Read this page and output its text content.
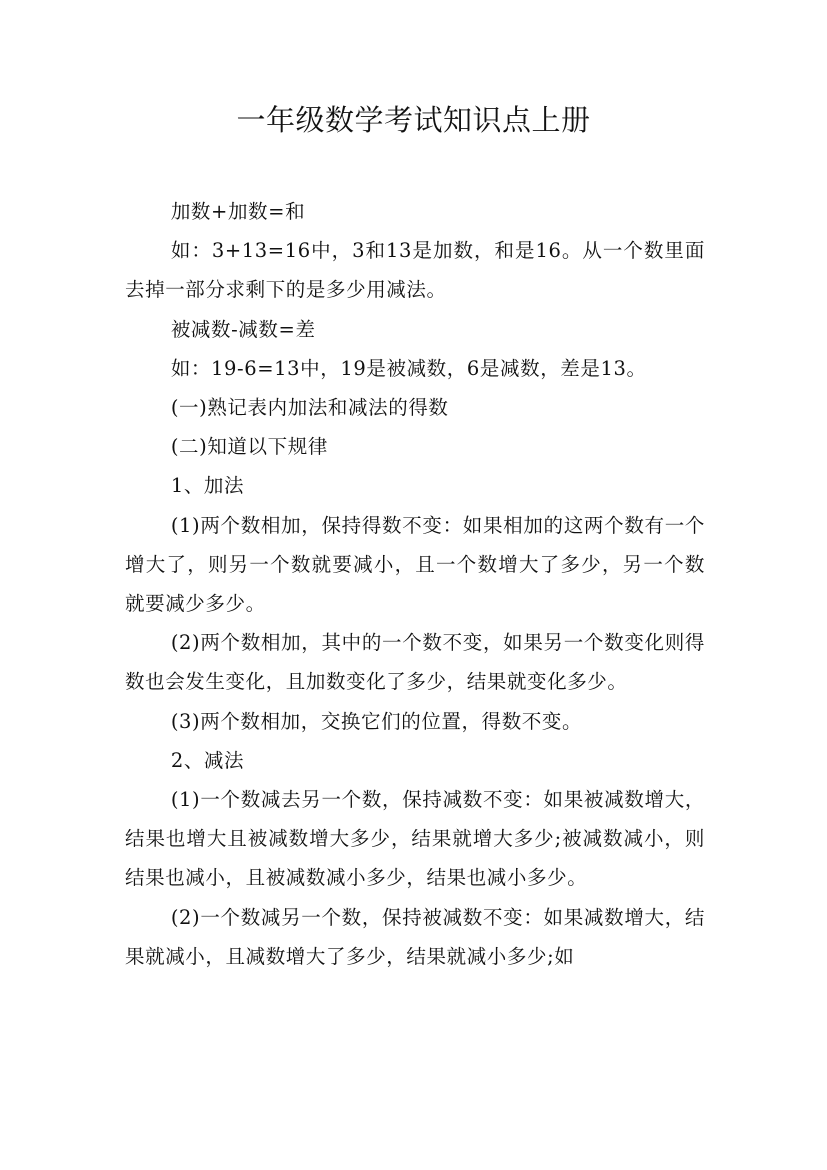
一年级数学考试知识点上册

加数+加数=和

如：3+13=16中，3和13是加数，和是16。从一个数里面去掉一部分求剩下的是多少用减法。

被减数-减数=差

如：19-6=13中，19是被减数，6是减数，差是13。

(一)熟记表内加法和减法的得数

(二)知道以下规律

1、加法

(1)两个数相加，保持得数不变：如果相加的这两个数有一个增大了，则另一个数就要减小，且一个数增大了多少，另一个数就要减少多少。

(2)两个数相加，其中的一个数不变，如果另一个数变化则得数也会发生变化，且加数变化了多少，结果就变化多少。

(3)两个数相加，交换它们的位置，得数不变。

2、减法

(1)一个数减去另一个数，保持减数不变：如果被减数增大，结果也增大且被减数增大多少，结果就增大多少;被减数减小，则结果也减小，且被减数减小多少，结果也减小多少。

(2)一个数减另一个数，保持被减数不变：如果减数增大，结果就减小，且减数增大了多少，结果就减小多少;如
